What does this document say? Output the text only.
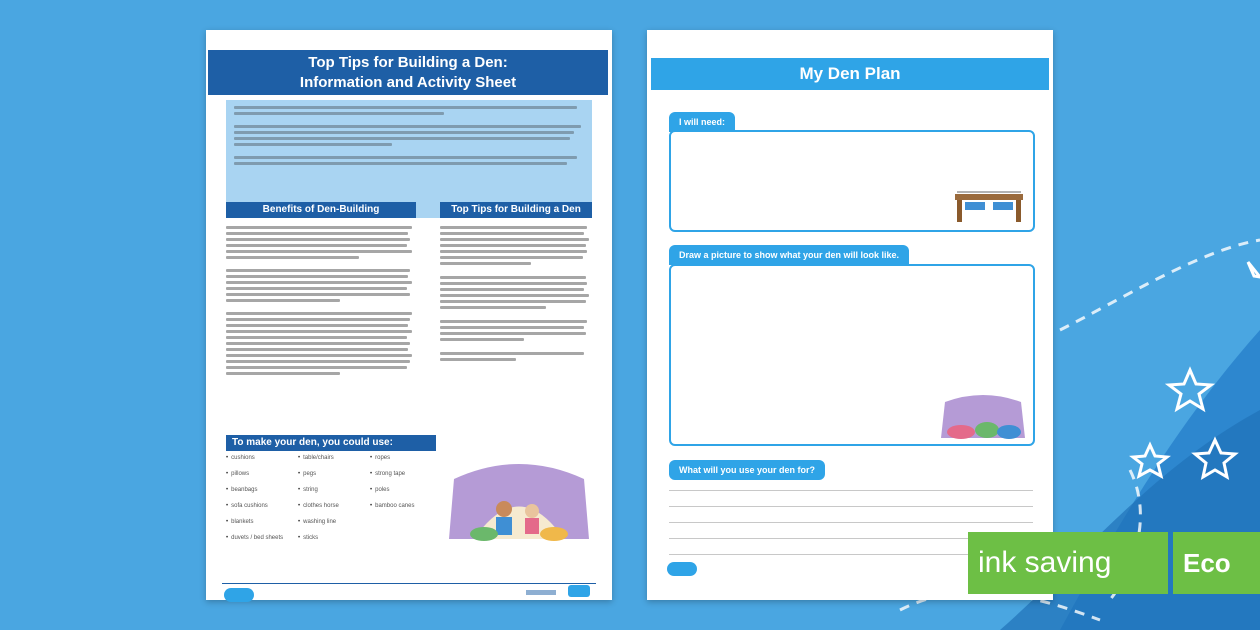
Top Tips for Building a Den:
Information and Activity Sheet
Benefits of Den-Building	Top Tips for Building a Den
To make your den, you could use:
• cushions
• pillows
• beanbags
• sofa cushions
• blankets
• duvets / bed sheets
• table/chairs
• pegs
• string
• clothes horse
• washing line
• sticks
• ropes
• strong tape
• poles
• bamboo canes
My Den Plan
I will need:
Draw a picture to show what your den will look like.
What will you use your den for?
ink saving	Eco
